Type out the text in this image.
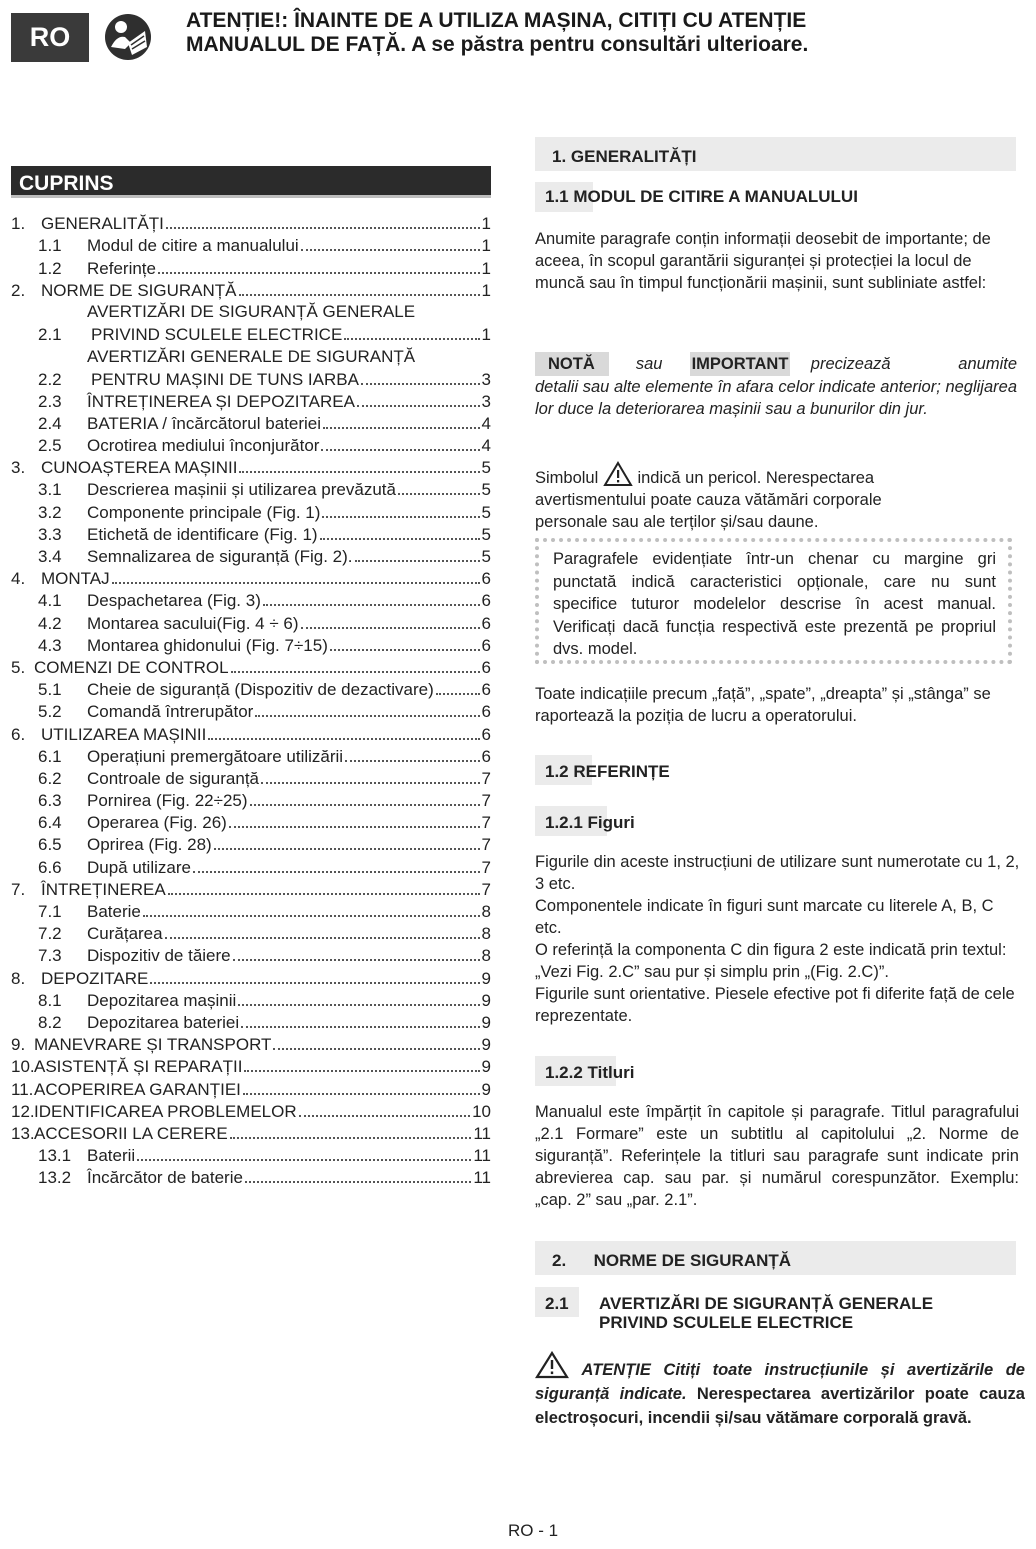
RO
ATENȚIE!: ÎNAINTE DE A UTILIZA MAȘINA, CITIȚI CU ATENȚIE
MANUALUL DE FAȚĂ. A se păstra pentru consultări ulterioare.
CUPRINS
1. GENERALITĂȚI	1
1.1	Modul de citire a manualului	1
1.2	Referințe	1
2. NORME DE SIGURANȚĂ	1
2.1
AVERTIZĂRI DE SIGURANȚĂ GENERALE
PRIVIND SCULELE ELECTRICE	1
2.2
AVERTIZĂRI GENERALE DE SIGURANȚĂ
PENTRU MAȘINI DE TUNS IARBA	3
2.3	ÎNTREȚINEREA ȘI DEPOZITAREA	3
2.4	BATERIA / încărcătorul bateriei	4
2.5	Ocrotirea mediului înconjurător	4
3. CUNOAȘTEREA MAȘINII	5
3.1	Descrierea mașinii și utilizarea prevăzută	5
3.2	Componente principale (Fig. 1)	5
3.3	Etichetă de identificare (Fig. 1)	5
3.4	Semnalizarea de siguranță (Fig. 2).	5
4. MONTAJ	6
4.1	Despachetarea (Fig. 3)	6
4.2	Montarea sacului(Fig. 4 ÷ 6)	6
4.3	Montarea ghidonului (Fig. 7÷15)	6
5. COMENZI DE CONTROL	6
5.1	Cheie de siguranță (Dispozitiv de dezactivare)	6
5.2	Comandă întrerupător	6
6. UTILIZAREA MAȘINII	6
6.1	Operațiuni premergătoare utilizării	6
6.2	Controale de siguranță	7
6.3	Pornirea (Fig. 22÷25)	7
6.4	Operarea (Fig. 26)	7
6.5	Oprirea (Fig. 28)	7
6.6	După utilizare	7
7. ÎNTREȚINEREA	7
7.1	Baterie	8
7.2	Curățarea	8
7.3	Dispozitiv de tăiere	8
8. DEPOZITARE	9
8.1	Depozitarea mașinii	9
8.2	Depozitarea bateriei	9
9. MANEVRARE ȘI TRANSPORT	9
10. ASISTENȚĂ ȘI REPARAȚII	9
11. ACOPERIREA GARANȚIEI	9
12. IDENTIFICAREA PROBLEMELOR	10
13. ACCESORII LA CERERE	11
13.1 Baterii	11
13.2 Încărcător de baterie	11
1. GENERALITĂȚI
1.1 MODUL DE CITIRE A MANUALULUI
Anumite paragrafe conțin informații deosebit de importante; de aceea, în scopul garantării siguranței și protecției la locul de muncă sau în timpul funcționării mașinii, sunt subliniate astfel:
NOTĂ sau IMPORTANT   precizează          anumite
detalii sau alte elemente în afara celor indicate anterior; neglijarea lor duce la deteriorarea mașinii sau a bunurilor din jur.
Simbolul indică un pericol. Nerespectarea avertismentului poate cauza vătămări corporale personale sau ale terților și/sau daune.
Paragrafele evidențiate într-un chenar cu margine gri punctată indică caracteristici opționale, care nu sunt specifice tuturor modelelor descrise în acest manual. Verificați dacă funcția respectivă este prezentă pe propriul dvs. model.
Toate indicațiile precum „față”, „spate”, „dreapta” și „stânga” se raportează la poziția de lucru a operatorului.
1.2 REFERINȚE
1.2.1 Figuri
Figurile din aceste instrucțiuni de utilizare sunt numerotate cu 1, 2, 3 etc.
Componentele indicate în figuri sunt marcate cu literele A, B, C etc.
O referință la componenta C din figura 2 este indicată prin textul: „Vezi Fig. 2.C” sau pur și simplu prin „(Fig. 2.C)”.
Figurile sunt orientative. Piesele efective pot fi diferite față de cele reprezentate.
1.2.2 Titluri
Manualul este împărțit în capitole și paragrafe. Titlul paragrafului „2.1 Formare” este un subtitlu al capitolului „2. Norme de siguranță”. Referințele la titluri sau paragrafe sunt indicate prin abrevierea cap. sau par. și numărul corespunzător. Exemplu: „cap. 2” sau „par. 2.1”.
2. NORME DE SIGURANȚĂ
2.1	AVERTIZĂRI DE SIGURANȚĂ GENERALE
PRIVIND SCULELE ELECTRICE
ATENȚIE Citiți toate instrucțiunile și avertizările de siguranță indicate. Nerespectarea avertizărilor poate cauza electroșocuri, incendii și/sau vătămare corporală gravă.
RO - 1
